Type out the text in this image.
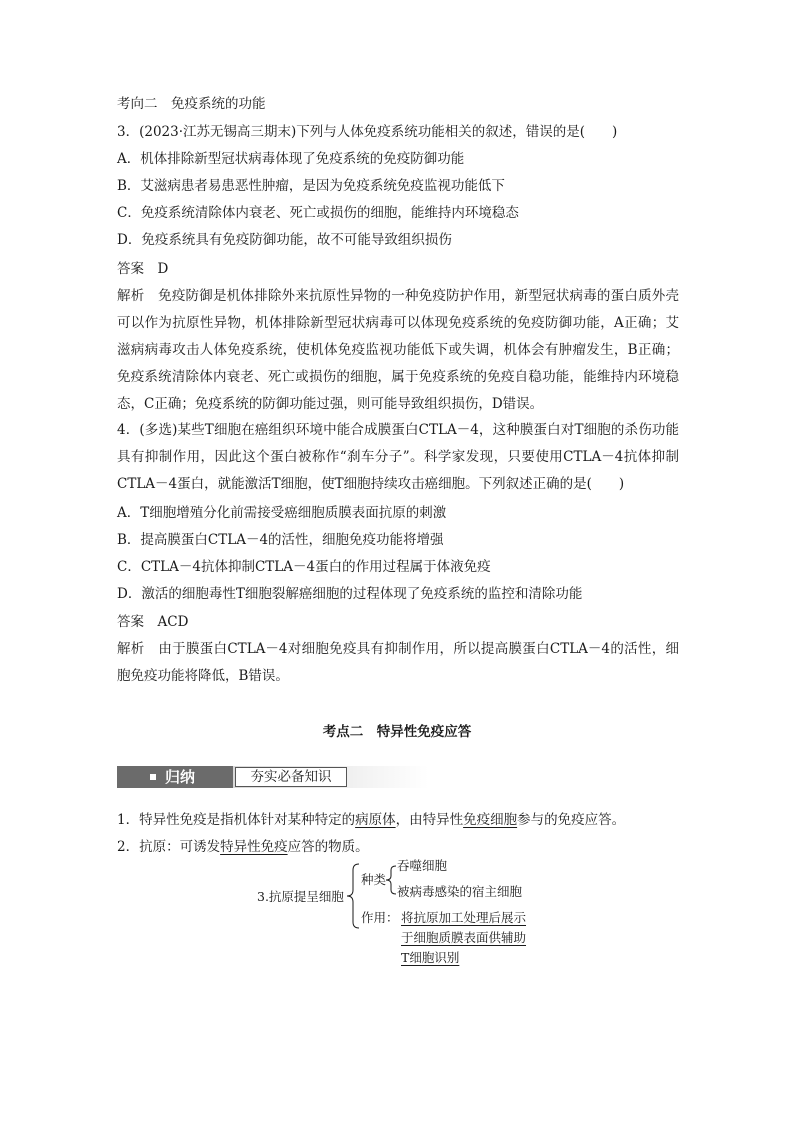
考向二　免疫系统的功能
3．(2023·江苏无锡高三期末)下列与人体免疫系统功能相关的叙述，错误的是(　　)
A．机体排除新型冠状病毒体现了免疫系统的免疫防御功能
B．艾滋病患者易患恶性肿瘤，是因为免疫系统免疫监视功能低下
C．免疫系统清除体内衰老、死亡或损伤的细胞，能维持内环境稳态
D．免疫系统具有免疫防御功能，故不可能导致组织损伤
答案　D
解析　免疫防御是机体排除外来抗原性异物的一种免疫防护作用，新型冠状病毒的蛋白质外壳可以作为抗原性异物，机体排除新型冠状病毒可以体现免疫系统的免疫防御功能，A正确；艾滋病病毒攻击人体免疫系统，使机体免疫监视功能低下或失调，机体会有肿瘤发生，B正确；免疫系统清除体内衰老、死亡或损伤的细胞，属于免疫系统的免疫自稳功能，能维持内环境稳态，C正确；免疫系统的防御功能过强，则可能导致组织损伤，D错误。
4．(多选)某些T细胞在癌组织环境中能合成膜蛋白CTLA－4，这种膜蛋白对T细胞的杀伤功能具有抑制作用，因此这个蛋白被称作“刹车分子”。科学家发现，只要使用CTLA－4抗体抑制CTLA－4蛋白，就能激活T细胞，使T细胞持续攻击癌细胞。下列叙述正确的是(　　)
A．T细胞增殖分化前需接受癌细胞质膜表面抗原的刺激
B．提高膜蛋白CTLA－4的活性，细胞免疫功能将增强
C．CTLA－4抗体抑制CTLA－4蛋白的作用过程属于体液免疫
D．激活的细胞毒性T细胞裂解癌细胞的过程体现了免疫系统的监控和清除功能
答案　ACD
解析　由于膜蛋白CTLA－4对细胞免疫具有抑制作用，所以提高膜蛋白CTLA－4的活性，细胞免疫功能将降低，B错误。
考点二　特异性免疫应答
归纳	夯实必备知识
1．特异性免疫是指机体针对某种特定的病原体，由特异性免疫细胞参与的免疫应答。
2．抗原：可诱发特异性免疫应答的物质。
3.抗原提呈细胞
种类
吞噬细胞
被病毒感染的宿主细胞
作用： 将抗原加工处理后展示
于细胞质膜表面供辅助
T细胞识别
